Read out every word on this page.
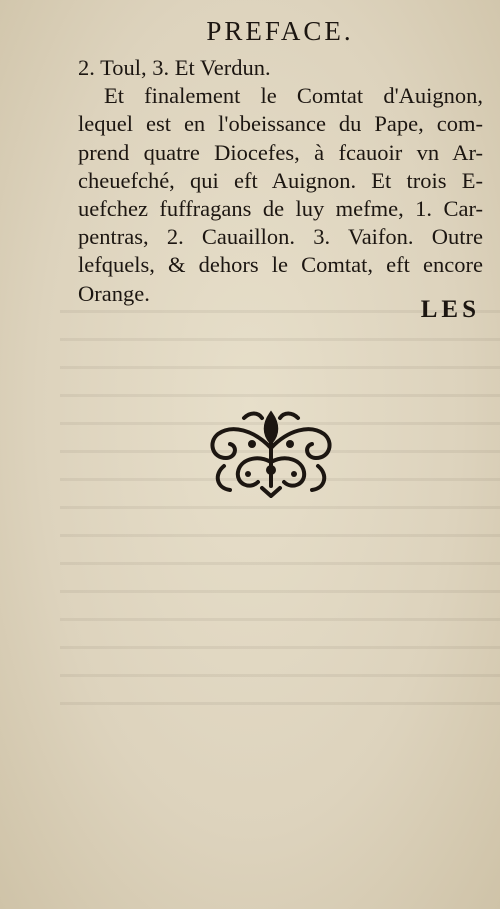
PREFACE.
2. Toul, 3. Et Verdun.
Et finalement le Comtat d'Auignon,
lequel est en l'obeissance du Pape, com-
prend quatre Diocefes, à fcauoir vn Ar-
cheuefché, qui eft Auignon. Et trois E-
uefchez fuffragans de luy mefme, 1. Car-
pentras, 2. Cauaillon. 3. Vaifon. Outre
lefquels, & dehors le Comtat, eft encore
Orange.
LES
